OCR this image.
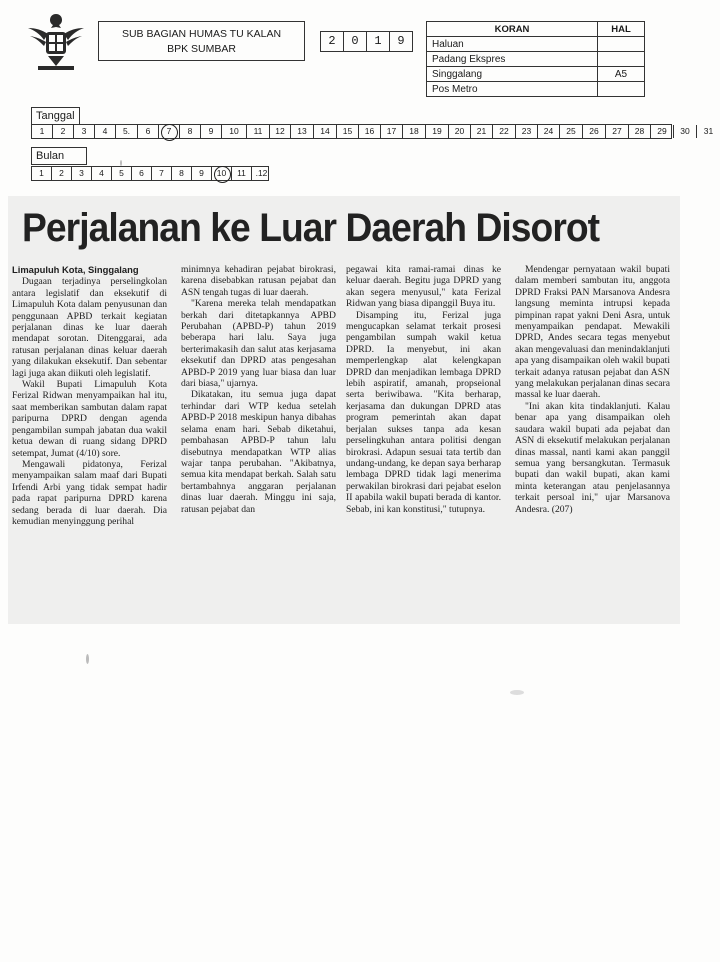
SUB BAGIAN HUMAS TU KALAN
BPK SUMBAR
2	0	1	9
KORAN	HAL
Haluan	
Padang Ekspres	
Singgalang	A5
Pos Metro	
Tanggal
1	2	3	4	5.	6	7	8	9	10	11	12	13	14	15	16	17	18	19	20	21	22	23	24	25	26	27	28	29	30	31
Bulan
1	2	3	4	5	6	7	8	9	10	11	.12
Perjalanan ke Luar Daerah Disorot

Limapuluh Kota, Singgalang

Dugaan terjadinya perselingkolan antara legislatif dan eksekutif di Limapuluh Kota dalam penyusunan dan penggunaan APBD terkait kegiatan perjalanan dinas ke luar daerah mendapat sorotan. Ditenggarai, ada ratusan perjalanan dinas keluar daerah yang dilakukan eksekutif. Dan sebentar lagi juga akan diikuti oleh legislatif.

Wakil Bupati Limapuluh Kota Ferizal Ridwan menyampaikan hal itu, saat memberikan sambutan dalam rapat paripurna DPRD dengan agenda pengambilan sumpah jabatan dua wakil ketua dewan di ruang sidang DPRD setempat, Jumat (4/10) sore.

Mengawali pidatonya, Ferizal menyampaikan salam maaf dari Bupati Irfendi Arbi yang tidak sempat hadir pada rapat paripurna DPRD karena sedang berada di luar daerah. Dia kemudian menyinggung perihal

minimnya kehadiran pejabat birokrasi, karena disebabkan ratusan pejabat dan ASN tengah tugas di luar daerah.

"Karena mereka telah mendapatkan berkah dari ditetapkannya APBD Perubahan (APBD-P) tahun 2019 beberapa hari lalu. Saya juga berterimakasih dan salut atas kerjasama eksekutif dan DPRD atas pengesahan APBD-P 2019 yang luar biasa dan luar dari biasa," ujarnya.

Dikatakan, itu semua juga dapat terhindar dari WTP kedua setelah APBD-P 2018 meskipun hanya dibahas selama enam hari. Sebab diketahui, pembahasan APBD-P tahun lalu disebutnya mendapatkan WTP alias wajar tanpa perubahan. "Akibatnya, semua kita mendapat berkah. Salah satu bertambahnya anggaran perjalanan dinas luar daerah. Minggu ini saja, ratusan pejabat dan

pegawai kita ramai-ramai dinas ke keluar daerah. Begitu juga DPRD yang akan segera menyusul," kata Ferizal Ridwan yang biasa dipanggil Buya itu.

Disamping itu, Ferizal juga mengucapkan selamat terkait prosesi pengambilan sumpah wakil ketua DPRD. Ia menyebut, ini akan memperlengkap alat kelengkapan DPRD dan menjadikan lembaga DPRD lebih aspiratif, amanah, propseional serta beriwibawa. "Kita berharap, kerjasama dan dukungan DPRD atas program pemerintah akan dapat berjalan sukses tanpa ada kesan perselingkuhan antara politisi dengan birokrasi. Adapun sesuai tata tertib dan undang-undang, ke depan saya berharap lembaga DPRD tidak lagi menerima perwakilan birokrasi dari pejabat eselon II apabila wakil bupati berada di kantor. Sebab, ini kan konstitusi," tutupnya.

Mendengar pernyataan wakil bupati dalam memberi sambutan itu, anggota DPRD Fraksi PAN Marsanova Andesra langsung meminta intrupsi kepada pimpinan rapat yakni Deni Asra, untuk menyampaikan pendapat. Mewakili DPRD, Andes secara tegas menyebut akan mengevaluasi dan menindaklanjuti apa yang disampaikan oleh wakil bupati terkait adanya ratusan pejabat dan ASN yang melakukan perjalanan dinas secara massal ke luar daerah.

"Ini akan kita tindaklanjuti. Kalau benar apa yang disampaikan oleh saudara wakil bupati ada pejabat dan ASN di eksekutif melakukan perjalanan dinas massal, nanti kami akan panggil semua yang bersangkutan. Termasuk bupati dan wakil bupati, akan kami minta keterangan atau penjelasannya terkait persoal ini," ujar Marsanova Andesra. (207)
